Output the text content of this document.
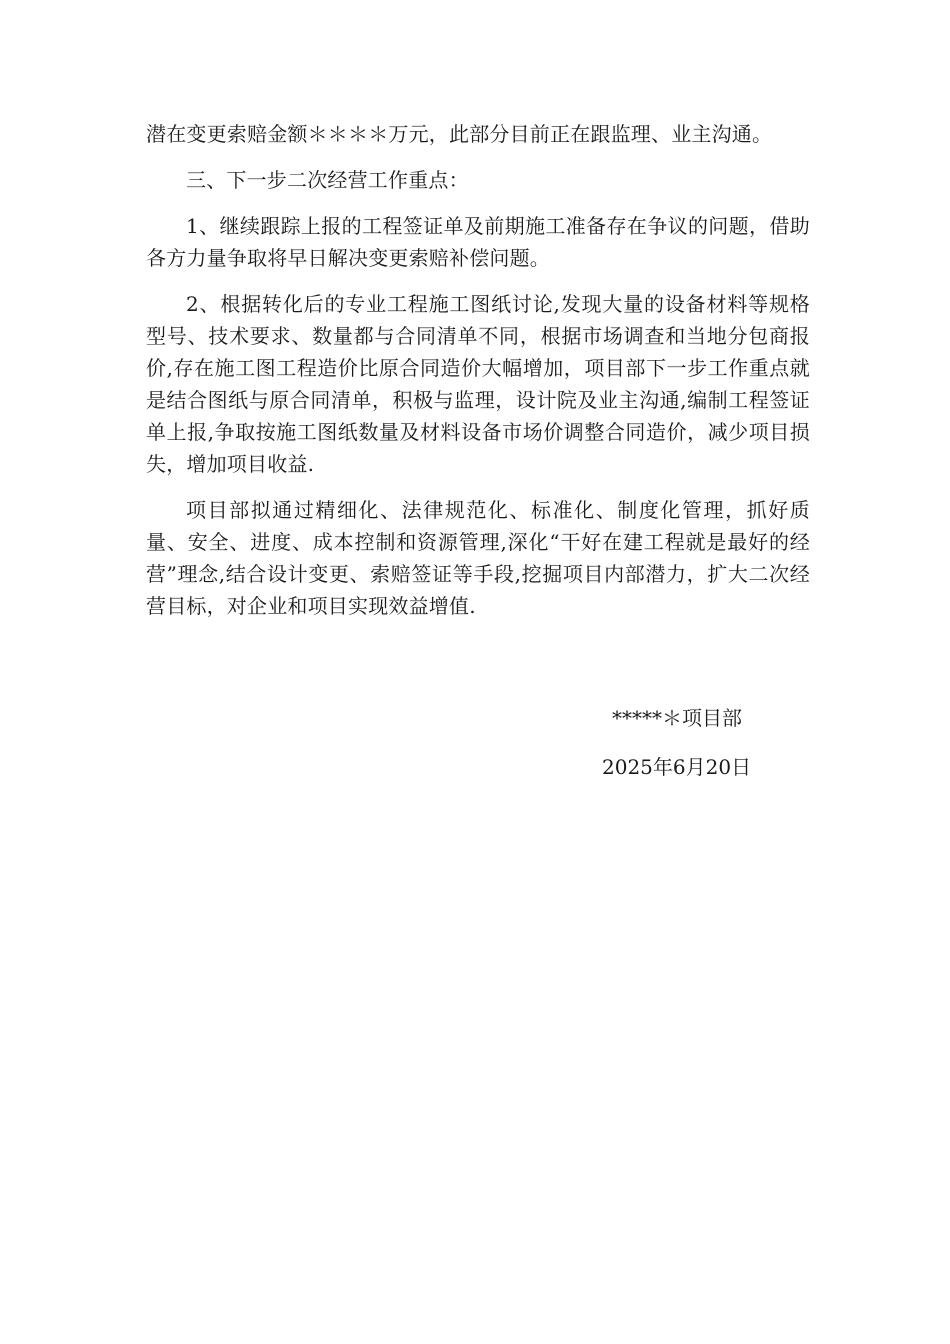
潜在变更索赔金额＊＊＊＊万元，此部分目前正在跟监理、业主沟通。

三、下一步二次经营工作重点：

1、继续跟踪上报的工程签证单及前期施工准备存在争议的问题，借助各方力量争取将早日解决变更索赔补偿问题。

2、根据转化后的专业工程施工图纸讨论,发现大量的设备材料等规格型号、技术要求、数量都与合同清单不同，根据市场调查和当地分包商报价,存在施工图工程造价比原合同造价大幅增加，项目部下一步工作重点就是结合图纸与原合同清单，积极与监理，设计院及业主沟通,编制工程签证单上报,争取按施工图纸数量及材料设备市场价调整合同造价，减少项目损失，增加项目收益.

项目部拟通过精细化、法律规范化、标准化、制度化管理，抓好质量、安全、进度、成本控制和资源管理,深化“干好在建工程就是最好的经营”理念,结合设计变更、索赔签证等手段,挖掘项目内部潜力，扩大二次经营目标，对企业和项目实现效益增值.

*****＊项目部
2025年6月20日
